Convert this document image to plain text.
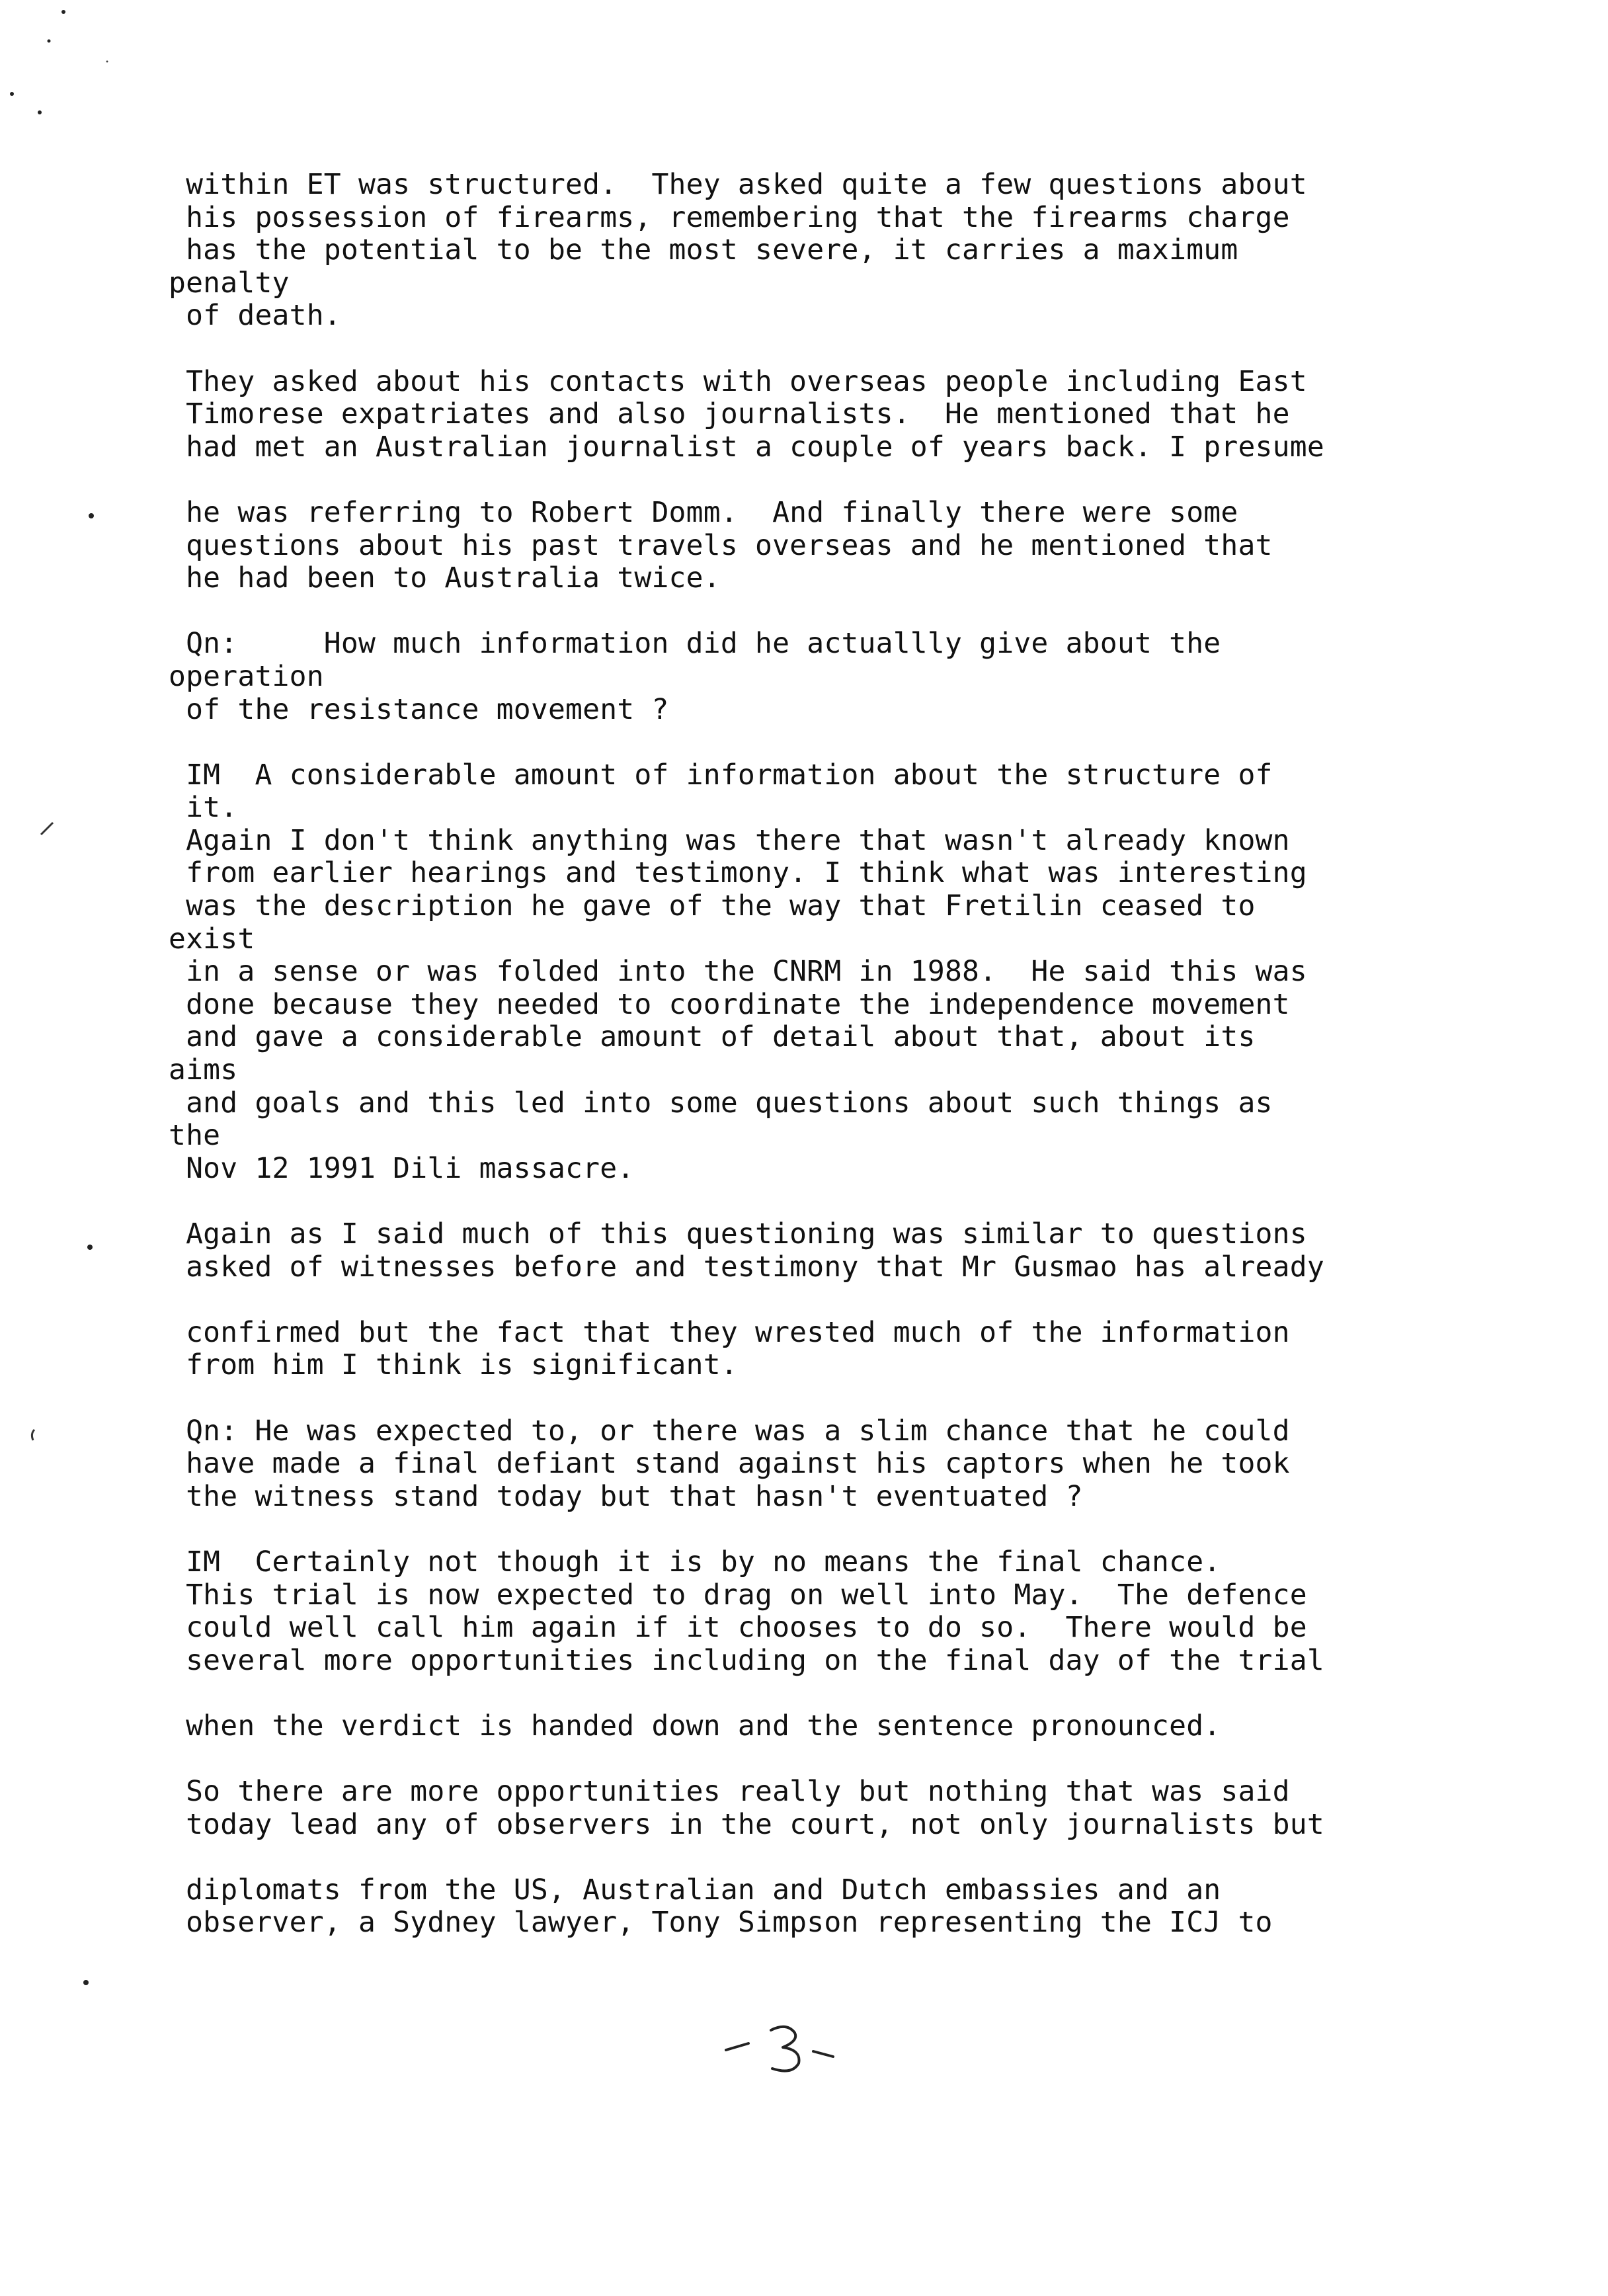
within ET was structured.  They asked quite a few questions about
his possession of firearms, remembering that the firearms charge
has the potential to be the most severe, it carries a maximum
penalty
of death.
They asked about his contacts with overseas people including East
Timorese expatriates and also journalists.  He mentioned that he
had met an Australian journalist a couple of years back. I presume
he was referring to Robert Domm.  And finally there were some
questions about his past travels overseas and he mentioned that
he had been to Australia twice.
Qn:     How much information did he actuallly give about the
operation
of the resistance movement ?
IM  A considerable amount of information about the structure of
it.
Again I don't think anything was there that wasn't already known
from earlier hearings and testimony. I think what was interesting
was the description he gave of the way that Fretilin ceased to
exist
in a sense or was folded into the CNRM in 1988.  He said this was
done because they needed to coordinate the independence movement
and gave a considerable amount of detail about that, about its
aims
and goals and this led into some questions about such things as
the
Nov 12 1991 Dili massacre.
Again as I said much of this questioning was similar to questions
asked of witnesses before and testimony that Mr Gusmao has already
confirmed but the fact that they wrested much of the information
from him I think is significant.
Qn: He was expected to, or there was a slim chance that he could
have made a final defiant stand against his captors when he took
the witness stand today but that hasn't eventuated ?
IM  Certainly not though it is by no means the final chance.
This trial is now expected to drag on well into May.  The defence
could well call him again if it chooses to do so.  There would be
several more opportunities including on the final day of the trial
when the verdict is handed down and the sentence pronounced.
So there are more opportunities really but nothing that was said
today lead any of observers in the court, not only journalists but
diplomats from the US, Australian and Dutch embassies and an
observer, a Sydney lawyer, Tony Simpson representing the ICJ to
